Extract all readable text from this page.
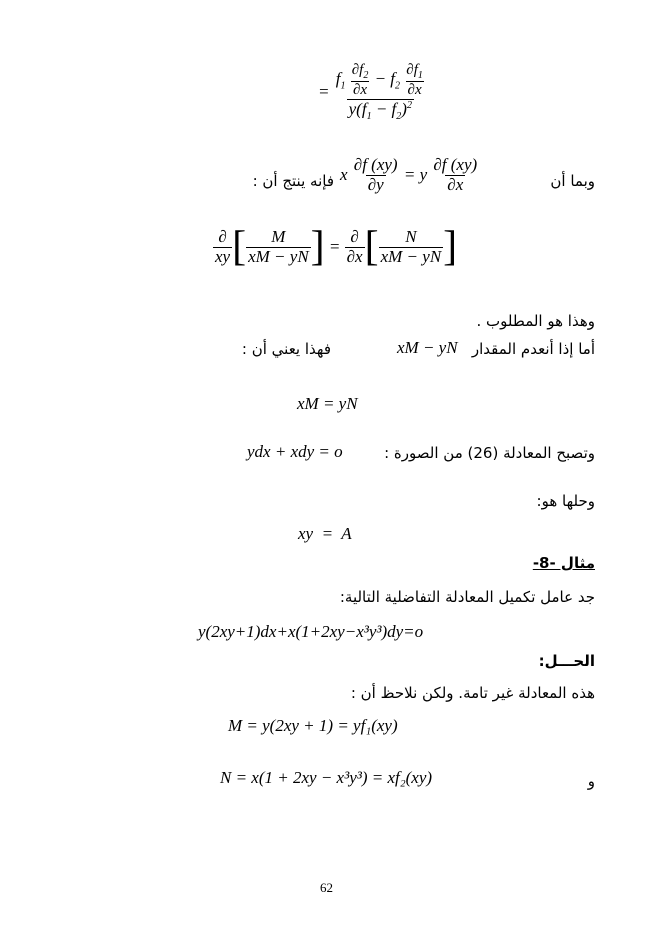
=
$f_1 \frac{\partial f_2}{\partial x} - f_2 \frac{\partial f_1}{\partial x}$
$y(f_1 - f_2)^2$
وبما أن
x $\frac{\partial f (xy)}{\partial y} = y \frac{\partial f (xy)}{\partial x}$
فإنه ينتج أن :
$\frac{\partial}{xy}$ [ $\frac{M}{xM - yN}$ ] = $\frac{\partial}{\partial x}$ [ $\frac{N}{xM - yN}$ ]
وهذا هو المطلوب .
أما إذا أنعدم المقدار
xM − yN
فهذا يعني أن :
xM = yN
وتصبح المعادلة (26) من الصورة :
ydx + xdy = o
وحلها هو:
xy  =  A
مثال -8-
جد عامل تكميل المعادلة التفاضلية التالية:
y(2xy+1)dx+x(1+2xy−x³y³)dy=o
الحـــل:
هذه المعادلة غير تامة. ولكن نلاحظ أن :
M = y(2xy + 1) = yf₁(xy)
N = x(1 + 2xy − x³y³) = xf₂(xy)	و
62
